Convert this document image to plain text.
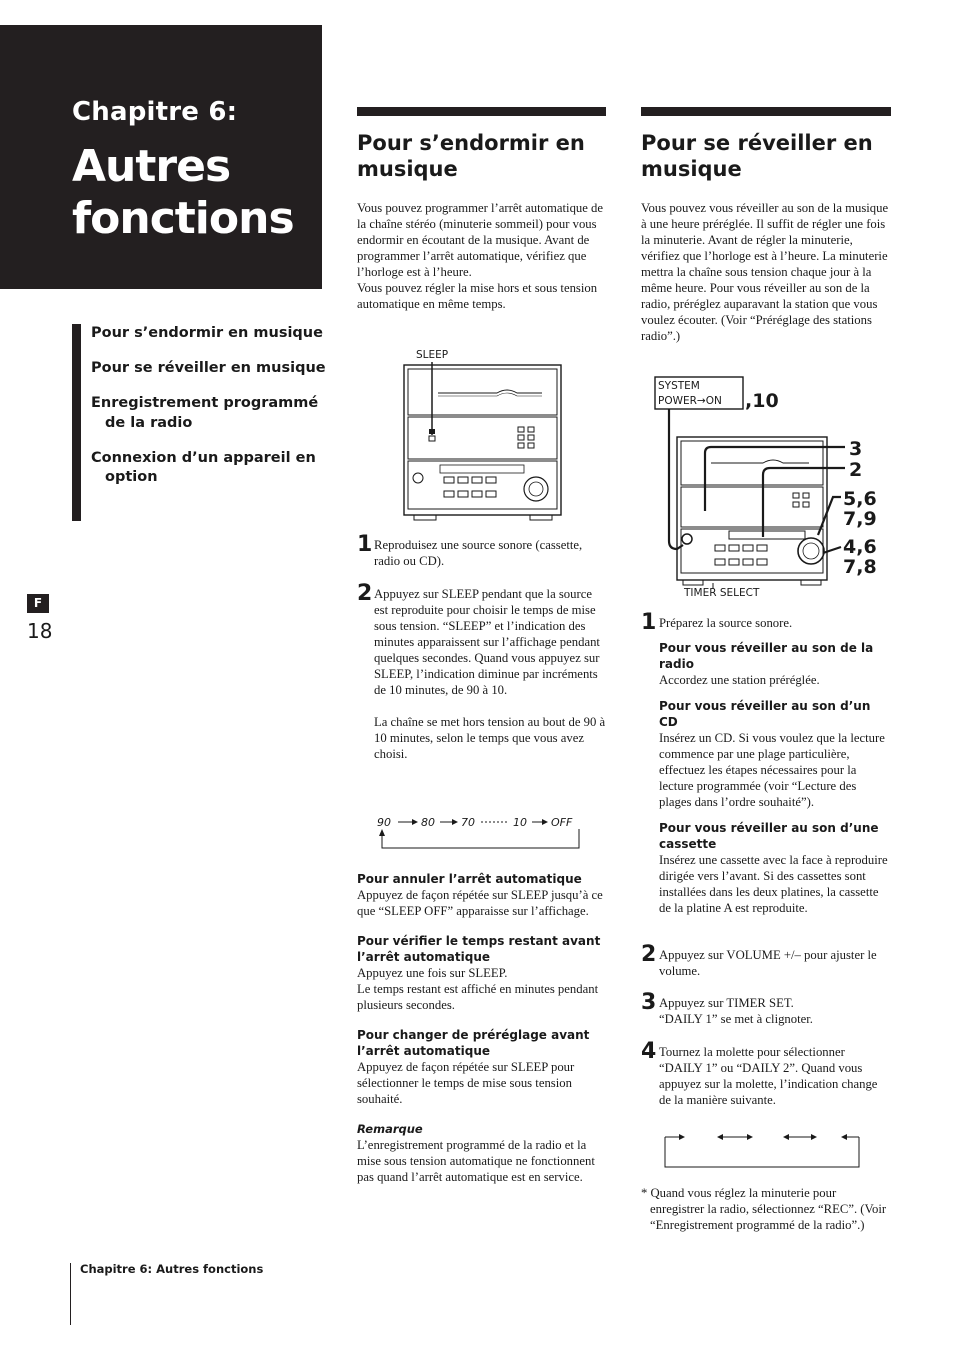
Chapitre 6:
Autres fonctions
Pour s’endormir en musique
Pour se réveiller en musique
Enregistrement programmé de la radio
Connexion d’un appareil en option
F
18
Chapitre 6: Autres fonctions
Pour s’endormir en musique
Vous pouvez programmer l’arrêt automatique de la chaîne stéréo (minuterie sommeil) pour vous endormir en écoutant de la musique. Avant de programmer l’arrêt automatique, vérifiez que l’horloge est à l’heure.
Vous pouvez régler la mise hors et sous tension automatique en même temps.
SLEEP
1 Reproduisez une source sonore (cassette, radio ou CD).
2 Appuyez sur SLEEP pendant que la source est reproduite pour choisir le temps de mise sous tension. “SLEEP” et l’indication des minutes apparaissent sur l’affichage pendant quelques secondes. Quand vous appuyez sur SLEEP, l’indication diminue par incréments de 10 minutes, de 90 à 10.
La chaîne se met hors tension au bout de 90 à 10 minutes, selon le temps que vous avez choisi.
90	80 70	10 OFF
Pour annuler l’arrêt automatique
Appuyez de façon répétée sur SLEEP jusqu’à ce que “SLEEP OFF” apparaisse sur l’affichage.
Pour vérifier le temps restant avant l’arrêt automatique
Appuyez une fois sur SLEEP.
Le temps restant est affiché en minutes pendant plusieurs secondes.
Pour changer de préréglage avant l’arrêt automatique
Appuyez de façon répétée sur SLEEP pour sélectionner le temps de mise sous tension souhaité.
Remarque
L’enregistrement programmé de la radio et la mise sous tension automatique ne fonctionnent pas quand l’arrêt automatique est en service.
Pour se réveiller en musique
Vous pouvez vous réveiller au son de la musique à une heure préréglée. Il suffit de régler une fois la minuterie. Avant de régler la minuterie, vérifiez que l’horloge est à l’heure. La minuterie mettra la chaîne sous tension chaque jour à la même heure. Pour vous réveiller au son de la radio, préréglez auparavant la station que vous voulez écouter. (Voir “Préréglage des stations radio”.)
SYSTEM
POWER→ON ,10
3
2
5,6
7,9
4,6
7,8
TIMER SELECT
1 Préparez la source sonore.
Pour vous réveiller au son de la radio
Accordez une station préréglée.
Pour vous réveiller au son d’un CD
Insérez un CD. Si vous voulez que la lecture commence par une plage particulière, effectuez les étapes nécessaires pour la lecture programmée (voir “Lecture des plages dans l’ordre souhaité”).
Pour vous réveiller au son d’une cassette
Insérez une cassette avec la face à reproduire dirigée vers l’avant. Si des cassettes sont installées dans les deux platines, la cassette de la platine A est reproduite.
2 Appuyez sur VOLUME +/– pour ajuster le volume.
3 Appuyez sur TIMER SET.
“DAILY 1” se met à clignoter.
4 Tournez la molette pour sélectionner “DAILY 1” ou “DAILY 2”. Quand vous appuyez sur la molette, l’indication change de la manière suivante.
* Quand vous réglez la minuterie pour enregistrer la radio, sélectionnez “REC”. (Voir “Enregistrement programmé de la radio”.)
